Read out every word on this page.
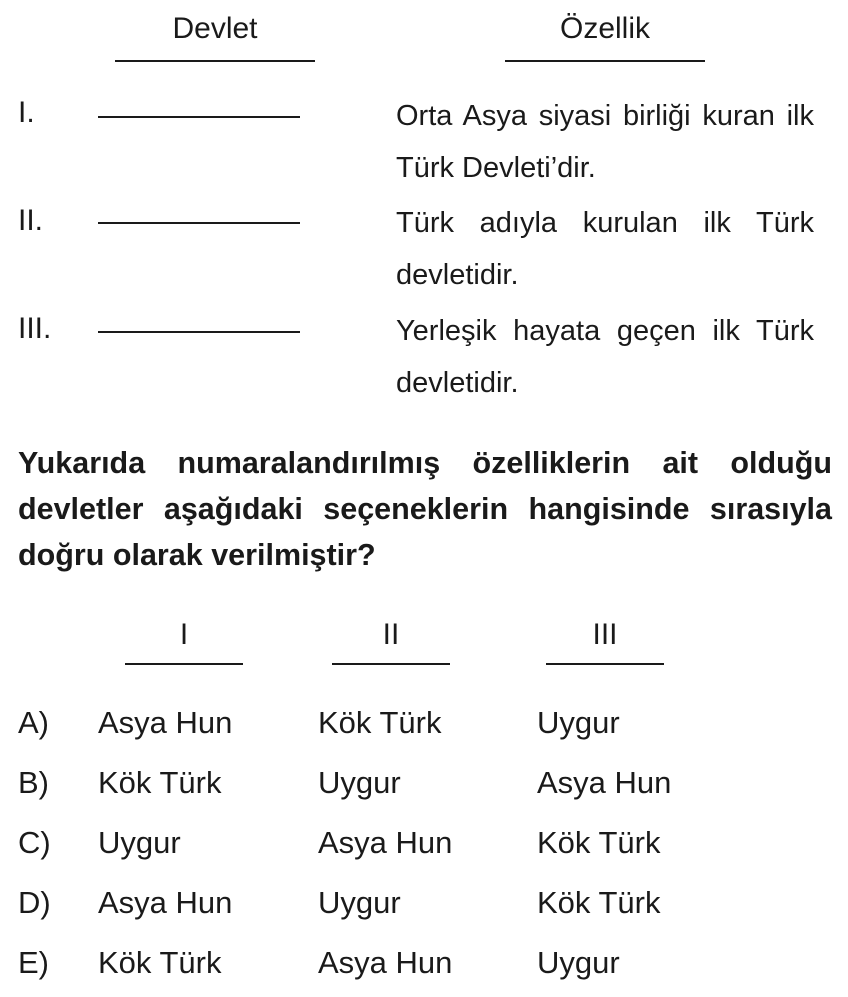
Devlet	Özellik
I.	Orta Asya siyasi birliği kuran ilk Türk Devleti’dir.
II.	Türk adıyla kurulan ilk Türk devletidir.
III.	Yerleşik hayata geçen ilk Türk devletidir.
Yukarıda numaralandırılmış özelliklerin ait olduğu devletler aşağıdaki seçeneklerin hangisinde sırasıyla doğru olarak verilmiştir?
I	II	III
A) Asya Hun	Kök Türk	Uygur
B) Kök Türk	Uygur	Asya Hun
C) Uygur	Asya Hun	Kök Türk
D) Asya Hun	Uygur	Kök Türk
E) Kök Türk	Asya Hun	Uygur
